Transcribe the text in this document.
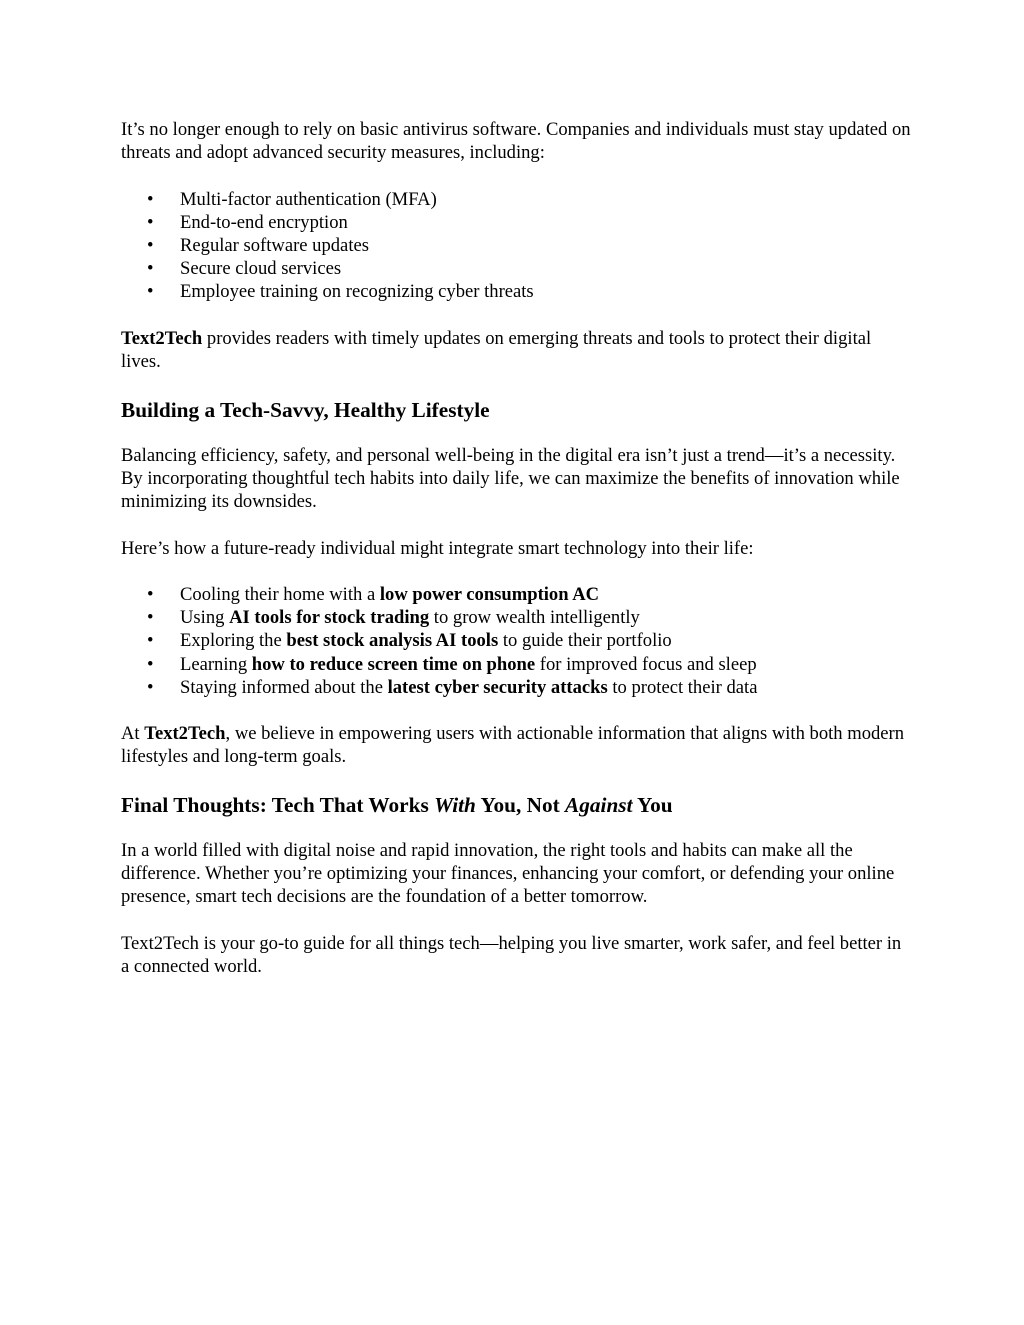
It’s no longer enough to rely on basic antivirus software. Companies and individuals must stay updated on threats and adopt advanced security measures, including:

• Multi-factor authentication (MFA)
• End-to-end encryption
• Regular software updates
• Secure cloud services
• Employee training on recognizing cyber threats

Text2Tech provides readers with timely updates on emerging threats and tools to protect their digital lives.

Building a Tech-Savvy, Healthy Lifestyle

Balancing efficiency, safety, and personal well-being in the digital era isn’t just a trend—it’s a necessity. By incorporating thoughtful tech habits into daily life, we can maximize the benefits of innovation while minimizing its downsides.

Here’s how a future-ready individual might integrate smart technology into their life:

• Cooling their home with a low power consumption AC
• Using AI tools for stock trading to grow wealth intelligently
• Exploring the best stock analysis AI tools to guide their portfolio
• Learning how to reduce screen time on phone for improved focus and sleep
• Staying informed about the latest cyber security attacks to protect their data

At Text2Tech, we believe in empowering users with actionable information that aligns with both modern lifestyles and long-term goals.

Final Thoughts: Tech That Works With You, Not Against You

In a world filled with digital noise and rapid innovation, the right tools and habits can make all the difference. Whether you’re optimizing your finances, enhancing your comfort, or defending your online presence, smart tech decisions are the foundation of a better tomorrow.

Text2Tech is your go-to guide for all things tech—helping you live smarter, work safer, and feel better in a connected world.
